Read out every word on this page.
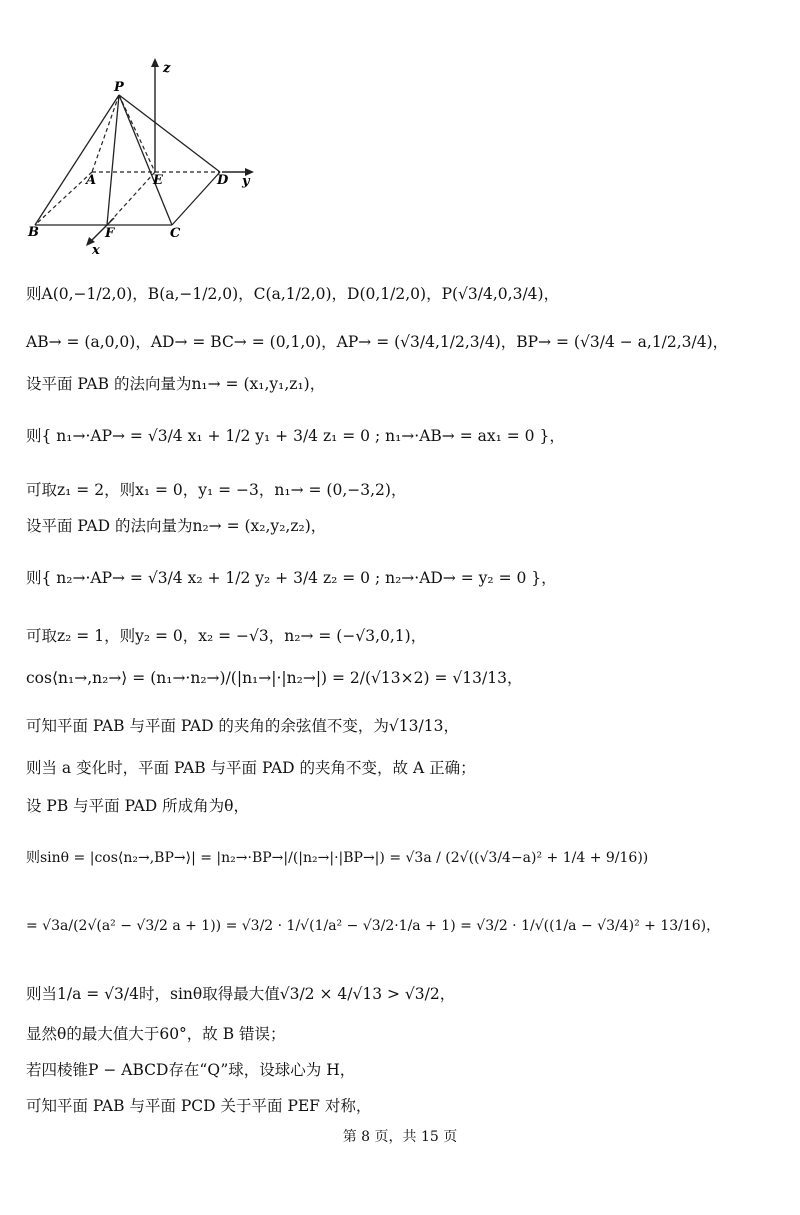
P
A	E	D
B	F	C
x
y
z
则A(0,−1/2,0)，B(a,−1/2,0)，C(a,1/2,0)，D(0,1/2,0)，P(√3/4,0,3/4)，
AB→ = (a,0,0)，AD→ = BC→ = (0,1,0)，AP→ = (√3/4,1/2,3/4)，BP→ = (√3/4 − a,1/2,3/4)，
设平面 PAB 的法向量为n₁→ = (x₁,y₁,z₁)，
则{ n₁→·AP→ = √3/4 x₁ + 1/2 y₁ + 3/4 z₁ = 0 ; n₁→·AB→ = ax₁ = 0 }，
可取z₁ = 2，则x₁ = 0，y₁ = −3，n₁→ = (0,−3,2)，
设平面 PAD 的法向量为n₂→ = (x₂,y₂,z₂)，
则{ n₂→·AP→ = √3/4 x₂ + 1/2 y₂ + 3/4 z₂ = 0 ; n₂→·AD→ = y₂ = 0 }，
可取z₂ = 1，则y₂ = 0，x₂ = −√3，n₂→ = (−√3,0,1)，
cos⟨n₁→,n₂→⟩ = (n₁→·n₂→)/(|n₁→|·|n₂→|) = 2/(√13×2) = √13/13，
可知平面 PAB 与平面 PAD 的夹角的余弦值不变，为√13/13，
则当 a 变化时，平面 PAB 与平面 PAD 的夹角不变，故 A 正确；
设 PB 与平面 PAD 所成角为θ，
则sinθ = |cos⟨n₂→,BP→⟩| = |n₂→·BP→|/(|n₂→|·|BP→|) = √3a / (2√((√3/4−a)² + 1/4 + 9/16))
= √3a/(2√(a² − √3/2 a + 1)) = √3/2 · 1/√(1/a² − √3/2·1/a + 1) = √3/2 · 1/√((1/a − √3/4)² + 13/16)，
则当1/a = √3/4时，sinθ取得最大值√3/2 × 4/√13 > √3/2，
显然θ的最大值大于60°，故 B 错误；
若四棱锥P − ABCD存在“Q”球，设球心为 H，
可知平面 PAB 与平面 PCD 关于平面 PEF 对称，
第 8 页，共 15 页
